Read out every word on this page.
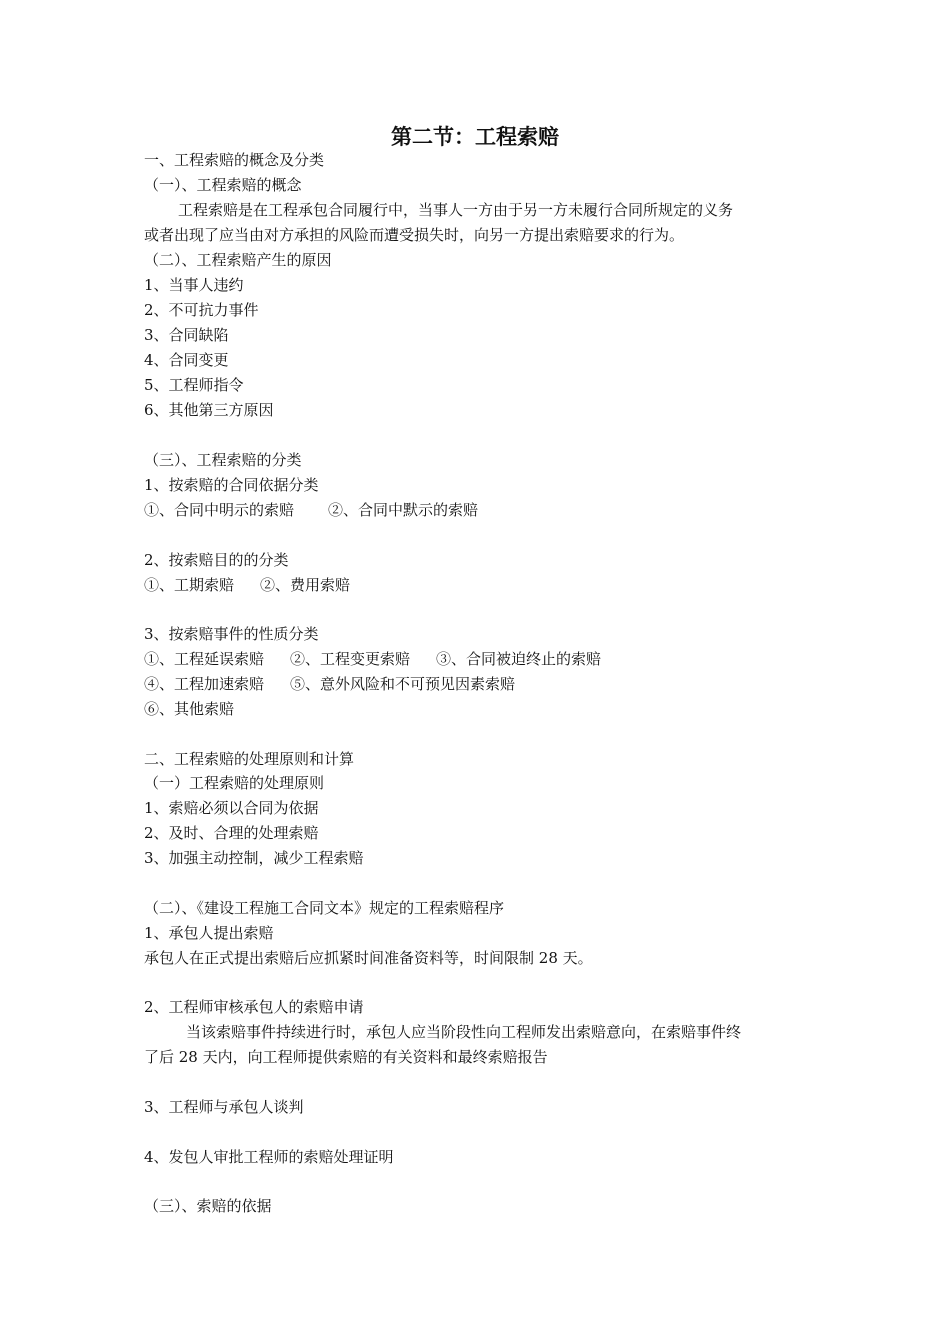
第二节：工程索赔
一、工程索赔的概念及分类
（一）、工程索赔的概念
工程索赔是在工程承包合同履行中，当事人一方由于另一方未履行合同所规定的义务
或者出现了应当由对方承担的风险而遭受损失时，向另一方提出索赔要求的行为。
（二）、工程索赔产生的原因
1、当事人违约
2、不可抗力事件
3、合同缺陷
4、合同变更
5、工程师指令
6、其他第三方原因
（三）、工程索赔的分类
1、按索赔的合同依据分类
①、合同中明示的索赔 ②、合同中默示的索赔
2、按索赔目的的分类
①、工期索赔 ②、费用索赔
3、按索赔事件的性质分类
①、工程延误索赔 ②、工程变更索赔 ③、合同被迫终止的索赔
④、工程加速索赔 ⑤、意外风险和不可预见因素索赔
⑥、其他索赔
二、工程索赔的处理原则和计算
（一）工程索赔的处理原则
1、索赔必须以合同为依据
2、及时、合理的处理索赔
3、加强主动控制，减少工程索赔
（二）、《建设工程施工合同文本》规定的工程索赔程序
1、承包人提出索赔
承包人在正式提出索赔后应抓紧时间准备资料等，时间限制 28 天。
2、工程师审核承包人的索赔申请
当该索赔事件持续进行时，承包人应当阶段性向工程师发出索赔意向，在索赔事件终
了后 28 天内，向工程师提供索赔的有关资料和最终索赔报告
3、工程师与承包人谈判
4、发包人审批工程师的索赔处理证明
（三）、索赔的依据
